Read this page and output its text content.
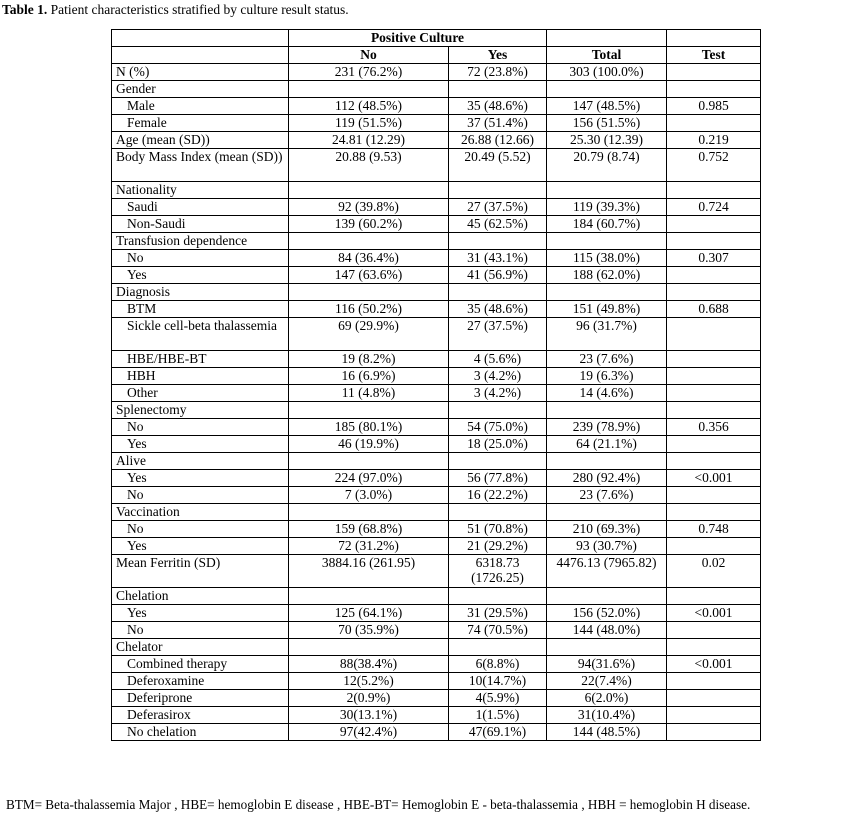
Table 1. Patient characteristics stratified by culture result status.
	Positive Culture			
	No	Yes	Total	Test
N (%)	231 (76.2%)	72 (23.8%)	303 (100.0%)	
Gender				
Male	112 (48.5%)	35 (48.6%)	147 (48.5%)	0.985
Female	119 (51.5%)	37 (51.4%)	156 (51.5%)	
Age (mean (SD))	24.81 (12.29)	26.88 (12.66)	25.30 (12.39)	0.219
Body Mass Index (mean (SD))	20.88 (9.53)	20.49 (5.52)	20.79 (8.74)	0.752
Nationality				
Saudi	92 (39.8%)	27 (37.5%)	119 (39.3%)	0.724
Non-Saudi	139 (60.2%)	45 (62.5%)	184 (60.7%)	
Transfusion dependence				
No	84 (36.4%)	31 (43.1%)	115 (38.0%)	0.307
Yes	147 (63.6%)	41 (56.9%)	188 (62.0%)	
Diagnosis				
BTM	116 (50.2%)	35 (48.6%)	151 (49.8%)	0.688
Sickle cell-beta thalassemia	69 (29.9%)	27 (37.5%)	96 (31.7%)	
HBE/HBE-BT	19 (8.2%)	4 (5.6%)	23 (7.6%)	
HBH	16 (6.9%)	3 (4.2%)	19 (6.3%)	
Other	11 (4.8%)	3 (4.2%)	14 (4.6%)	
Splenectomy				
No	185 (80.1%)	54 (75.0%)	239 (78.9%)	0.356
Yes	46 (19.9%)	18 (25.0%)	64 (21.1%)	
Alive				
Yes	224 (97.0%)	56 (77.8%)	280 (92.4%)	<0.001
No	7 (3.0%)	16 (22.2%)	23 (7.6%)	
Vaccination				
No	159 (68.8%)	51 (70.8%)	210 (69.3%)	0.748
Yes	72 (31.2%)	21 (29.2%)	93 (30.7%)	
Mean Ferritin (SD)	3884.16 (261.95)	6318.73 (1726.25)	4476.13 (7965.82)	0.02
Chelation				
Yes	125 (64.1%)	31 (29.5%)	156 (52.0%)	<0.001
No	70 (35.9%)	74 (70.5%)	144 (48.0%)	
Chelator				
Combined therapy	88(38.4%)	6(8.8%)	94(31.6%)	<0.001
Deferoxamine	12(5.2%)	10(14.7%)	22(7.4%)	
Deferiprone	2(0.9%)	4(5.9%)	6(2.0%)	
Deferasirox	30(13.1%)	1(1.5%)	31(10.4%)	
No chelation	97(42.4%)	47(69.1%)	144 (48.5%)	
BTM= Beta-thalassemia Major , HBE= hemoglobin E disease , HBE-BT= Hemoglobin E - beta-thalassemia , HBH = hemoglobin H disease.
